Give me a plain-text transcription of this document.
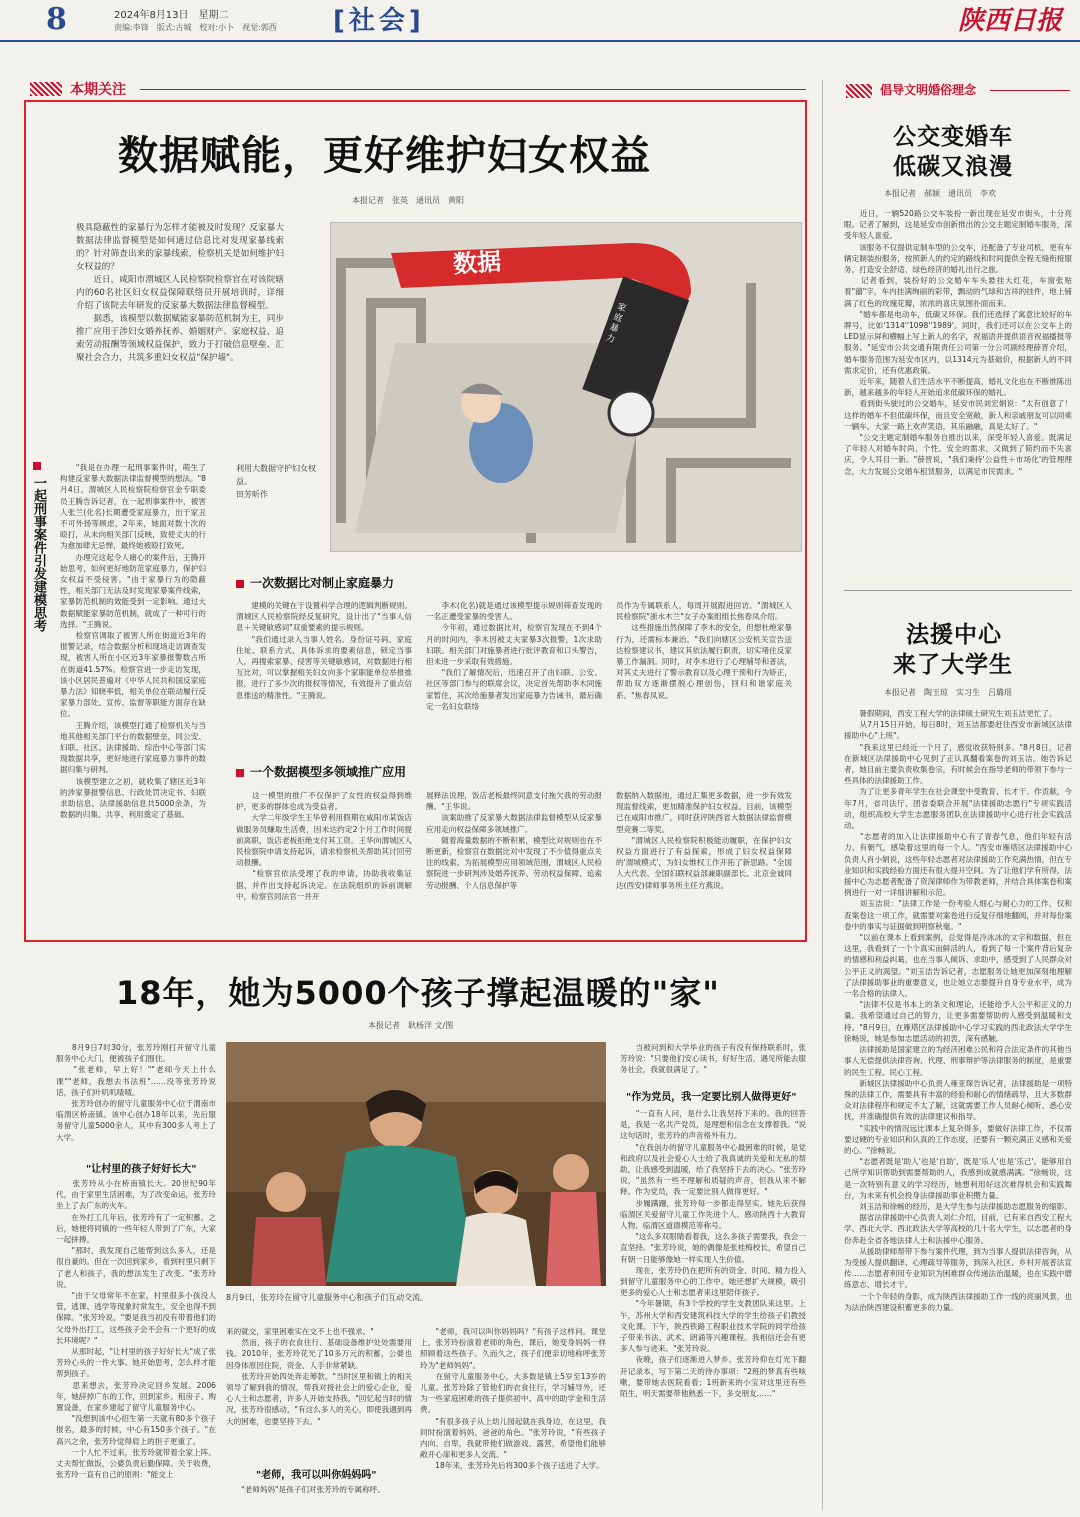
8	2024年8月13日　星期二
责编:李锋　版式:古城　校对:小卜　视觉:郭西 [社会]	陕西日报
本期关注
数据赋能，更好维护妇女权益
本报记者　张英　通讯员　黄阳
极具隐蔽性的家暴行为怎样才能被及时发现？反家暴大数据法律监督模型是如何通过信息比对发现家暴线索的？针对筛查出来的家暴线索，检察机关是如何维护妇女权益的？
　　近日，咸阳市渭城区人民检察院检察官在对该院辖内的60名社区妇女权益保障联络员开展培训时，详细介绍了该院去年研发的反家暴大数据法律监督模型。
　　据悉，该模型以数据赋能家暴防范机制为主，同步推广应用于涉妇女婚养抚养、婚姻财产、家庭权益、追索劳动报酬等领域权益保护，致力于打破信息壁垒、汇聚社会合力，共筑多重妇女权益"保护墙"。
数据
家庭暴力
利用大数据守护妇女权益。
田芳昕作
一起刑事案件引发建模思考
　　"我是在办理一起刑事案件时，萌生了构建反家暴大数据法律监督模型的想法。"8月4日，渭城区人民检察院检察官金专职委员王腾告诉记者，在一起刑事案件中，被害人张兰(化名)长期遭受家庭暴力，出于家丑不可外扬等顾虑，2年来，她面对数十次的殴打，从未向相关部门反映，致使丈夫的行为愈加肆无忌惮，最终她被殴打致死。
　　办理完这起令人痛心的案件后，王腾开始思考，如何更好地防范家庭暴力，保护妇女权益不受侵害。"由于家暴行为的隐蔽性，相关部门无法及时发现家暴案件线索，家暴防范机制的效能受到一定影响。通过大数据赋能家暴防范机制，就成了一种可行的选择。"王腾说。
　　检察官调取了被害人所在街道近3年的报警记录，结合数据分析和现场走访调查发现，被害人所在小区近3年家暴报警数占所在街道41.57%。检察官进一步走访发现，该小区居民普遍对《中华人民共和国反家庭暴力法》知晓率低，相关单位在联动履行反家暴力部处、宣传、监督等职能方面存在缺位。
　　王腾介绍，该模型打通了检察机关与当地其他相关部门平台的数据壁垒，同公安、妇联、社区、法律援助、综治中心等部门实现数据共享，更好地进行家庭暴力事件的数据归集与研判。
　　该模型建立之初，就收集了辖区近3年的涉家暴报警信息、行政处罚决定书、妇联求助信息、法律援助信息共5000余条，为数据的归集、共享、利用奠定了基础。
一次数据比对制止家庭暴力
　　建模的关键在于设置科学合理的逻辑判断规则。渭城区人民检察院经反复研究，设计出了"当事人信息＋关键敏感词"双重要素的提示规则。
　　"我们通过录入当事人姓名、身份证号码、家庭住址、联系方式、具体诉求的要素信息，锁定当事人，再搜索家暴、侵害等关键敏感词，对数据进行相互比对，可以掌握相关妇女向多个家职能单位举报推报，进行了多少次的报权等情况，有效提升了重点信息推送的精准性。"王腾说。
　　李木(化名)就是通过该模型提示规则筛查发现的一名正遭受家暴的受害人。
　　今年初，通过数据比对，检察官发现在不到4个月的时间内，李木因被丈夫家暴3次报警，1次求助妇联。相关部门对施暴者进行批评教育和口头警告，但未进一步采取有效措施。
　　"我们了解情况后，迅速召开了由妇联、公安、社区等部门参与的联席会议，决定首先帮助李木同施家暂住，其次给施暴者发出家庭暴力告诫书，最后确定一名妇女联络
员作为专属联系人，每周开展跟进回访。"渭城区人民检察院"浙水木兰"女子办案组组长焦春凤介绍。
　　这些措施出然保障了李木的安全，但想杜绝家暴行为，还需标本兼治。"我们向辖区公安机关宣告送达检察建议书，建议其依法履行职责，切实堵住反家暴工作漏洞。同时，对李木进行了心理辅导和普法，对其丈夫进行了警示教育以及心理干预和行为矫正，帮助双方逐渐摆脱心理创伤，回归和谐家庭关系。"焦春凤说。
一个数据模型多领域推广应用
　　这一模型的推广不仅保护了女性的权益得到维护，更多的群体也成为受益者。
　　大学二年级学生王华曾利用假期在咸阳市某饭店做服务员赚取生活费，因未达约定2个月工作时间提前离职，饭店老板拒绝支付其工资。王华向渭城区人民检察院申请支持起诉，请求检察机关帮助其讨回劳动报酬。
　　"检察官依法受理了我的申请，协助我收集证据，并作出支持起诉决定。在法院组织的诉前调解中，检察官同法官一并开
展释法说理，饭店老板最终同意支付拖欠我的劳动报酬。"王华说。
　　该案助推了反家暴大数据法律监督模型从反家暴应用走向权益保障多领域推广。
　　随着海量数据的不断积累，模型比对规则也在不断更新，检察官在数据比对中发现了不少值得重点关注的线索。为拓展模型应用领域范围，渭城区人民检察院进一步研判涉及婚养抚养、劳动权益保障、追索劳动报酬、个人信息保护等
数据纳入数据池，通过汇集更多数据，进一步有效发现监督线索，更加精准保护妇女权益。目前，该模型已在咸阳市推广，同时获评陕西省大数据法律监督模型竞赛二等奖。
　　"渭城区人民检察院积极能动履职，在保护妇女权益方面进行了有益探索，形成了妇女权益保障的'渭城模式'，为妇女维权工作开拓了新思路。"全国人大代表、全国妇联权益部兼职副部长、北京金诚同达(西安)律师事务所主任方燕说。
18年，她为5000个孩子撑起温暖的"家"
本报记者　耿杨洋 文/图
　　8月9日7时30分，张芳玲刚打开留守儿童服务中心大门，便被孩子们围住。
　　"张老师，早上好！""老师今天上什么课""老师，我想去书法班"……没等张芳玲说话，孩子们叶叽叽喳喳。
　　张芳玲创办的留守儿童服务中心位于渭南市临渭区桥南镇。该中心创办18年以来，先后服务留守儿童5000余人，其中有300多人考上了大学。
"让村里的孩子好好长大"
　　张芳玲从小在桥南镇长大。20世纪90年代，由于家里生活困难，为了改变命运，张芳玲坐上了去广东的火车。
　　在外打工几年后，张芳玲有了一定积蓄。之后，她便将同镇的一些年轻人带到了广东，大家一起拼搏。
　　"那时，我发现自己能帮到这么多人，还是很自豪的。但在一次回到家乡，看到村里只剩下了老人和孩子，我的想法发生了改变。"张芳玲说。
　　"由于父母常年不在家，村里很多小孩没人管，逃课、逃学等现象时常发生，安全也得不到保障。"张芳玲说，"要是我当初没有带着他们的父母外出打工，这些孩子会不会有一个更好的成长环境呢？"
　　从那时起，"让村里的孩子好好长大"成了张芳玲心头的一件大事。她开始思考，怎么样才能帮到孩子。
　　思来想去，张芳玲决定回乡发展。2006年，她辞掉广东的工作，回到家乡。租房子、购置设备，在家乡建起了留守儿童服务中心。
　　"没想到该中心招生第一天就有80多个孩子报名，最多的时候，中心有150多个孩子。"在高兴之余，张芳玲觉得肩上的担子更重了。
　　一个人忙不过来，张芳玲就带着全家上阵。丈夫帮忙做饭，公婆负责后勤保障。关于收费，张芳玲一直有自己的原则："能交上
8月9日，张芳玲在留守儿童服务中心和孩子们互动交流。
来的就交，家里困难实在交不上也不强求。"
　　然而，孩子的衣食住行、基础设备维护处处需要用钱。2010年，张芳玲花光了10多万元的积蓄，公婆也因身体原因住院，资金、人手非常紧缺。
　　张芳玲开始四处奔走筹款。"当时区里和镇上的相关领导了解到我的情况，帮我对接社会上的爱心企业，爱心人士和志愿者，许多人开始支持我。"回忆起当时的情况，张芳玲很感动，"有这么多人的关心，即使我遇到再大的困难，也要坚持下去。"
"老师，我可以叫你妈妈吗"
　　"老师妈妈"是孩子们对张芳玲的专属称呼。
　　"老师，我可以叫你妈妈吗？"有孩子这样问。课堂上，张芳玲扮演着老师的角色，课后，她变身妈妈一样照顾着这些孩子。久而久之，孩子们便亲切地称呼张芳玲为"老师妈妈"。
　　在留守儿童服务中心，大多数是镇上5岁至13岁的儿童。张芳玲除了管他们的衣食住行，学习辅导外，还为一些家庭困难的孩子提供初中、高中的助学金和生活费。
　　"有很多孩子从上幼儿园起就在我身边，在这里，我同时扮演着妈妈、爸爸的角色。"张芳玲说，"有些孩子内向、自卑，我就带他们做游戏、露营，希望他们能够敞开心扉和更多人交流。"
　　18年来，张芳玲先后将300多个孩子送进了大学。
　　当被问到和大学毕业的孩子有没有保持联系时，张芳玲说："只要他们安心读书，好好生活，遇见所能去服务社会，我就很满足了。"
"作为党员，我一定要比别人做得更好"
　　"一直有人问，是什么让我坚持下来的。我的回答是，我是一名共产党员，是理想和信念在支撑着我。"说这句话时，张芳玲的声音格外有力。
　　"在我创办的留守儿童服务中心最困难的时候，是党和政府以及社会爱心人士给了我真诚的关爱和无私的帮助，让我感受到温暖，给了我坚持下去的决心。"张芳玲说，"虽然有一些不理解和质疑的声音，但我从来不解释。作为党员，我一定要比别人做得更好。"
　　步履蹒跚，张芳玲每一步都走得坚实。她先后获得临渭区关爱留守儿童工作先进个人、感动陕西十大教育人物、临渭区道德模范等称号。
　　"这么多双眼睛看着我，这么多孩子需要我，我会一直坚持。"张芳玲说，她的偶像是张桂梅校长，希望自己有朝一日能够像她一样实现人生价值。
　　现在，张芳玲仍在把所有的资金、时间、精力投入到留守儿童服务中心的工作中。她还想扩大规模，吸引更多的爱心人士和志愿者来这里陪伴孩子。
　　"今年暑期，有3个学校的学生支教团队来这里。上午，苏州大学和西安建筑科技大学的学生给孩子们教授文化课。下午，陕西铁路工程职业技术学院的同学给孩子带来书法、武术、朗诵等兴趣课程。我相信还会有更多人参与进来。"张芳玲说。
　　夜晚，孩子们逐渐进入梦乡。张芳玲仰在灯光下翻开记录本，写下第二天的待办事项："2班的梦真有些咳嗽，要带她去医院看看；1班新来的小宝对这里还有些陌生，明天需要带他熟悉一下，多交朋友……"
倡导文明婚俗理念
公交变婚车
低碳又浪漫
本报记者　郝颖　通讯员　李欢
　　近日，一辆520路公交车装扮一新出现在延安市街头，十分亮眼。记者了解到，这是延安市创新推出的公交主题定制婚车服务，深受年轻人喜爱。
　　该服务不仅提供定制车型的公交车，还配备了专业司机，更有车辆定制装扮服务，按照新人的约定的路线和时间提供全程无缝衔接服务，打造安全舒适、绿色经济的婚礼出行之旅。
　　记者看到，装扮好的公交婚车车头悬挂大红花，车窗张贴着"囍"字，车内挂满绚丽的彩带，飘动的气球和吉祥的挂件，地上铺满了红色的玫瑰花瓣，浓浓的喜庆氛围扑面而来。
　　"婚车都是电动车，低碳又环保。我们还选择了寓意比较好的车牌号，比如'1314''1098''1989'。同时，我们还可以在公交车上的LED显示屏和横幅上写上新人的名字，祝福语并提供语音祝福播报等服务。"延安市公共交通有限责任公司第一分公司副经理薛晋介绍，婚车服务范围为延安市区内，以1314元为基础价，根据新人的不同需求定价，还有优惠政策。
　　近年来，随着人们生活水平不断提高，婚礼文化也在不断推陈出新，越来越多的年轻人开始追求低碳环保的婚礼。
　　看到街头驶过的公交婚车，延安市民刘宏娟说："太有创意了！这样的婚车不但低碳环保，而且安全宽敞，新人和亲戚朋友可以同乘一辆车。大家一路上欢声笑语，其乐融融，真是太好了。"
　　"公交主题定制婚车服务自推出以来，深受年轻人喜爱。既满足了年轻人对婚车时尚、个性、安全的需求，又做到了简约而不失喜庆，令人耳目一新。"薛晋说，"我们秉持'公益性＋市场化'的管理理念，大力发展公交婚车租赁服务，以满足市民需求。"
法援中心
来了大学生
本报记者　陶玉琼　实习生　吕璐瑶
　　暑假期间，西安工程大学的法律硕士研究生刘玉洁更忙了。
　　从7月15日开始，每日8时，刘玉洁都要赶往西安市新城区法律援助中心"上班"。
　　"我来这里已经近一个月了，感觉收获特别多。"8月8日，记者在新城区法律援助中心见到了正认真翻看案卷的刘玉洁。她告诉记者，她目前主要负责收集卷宗，有时候会在指导老师的带领下参与一些具体的法律援助工作。
　　为了让更多青年学生在社会课堂中受教育、长才干、作贡献，今年7月，省司法厅、团省委联合开展"法律援助志愿行"专项实践活动，组织高校大学生志愿服务团队在法律援助中心进行社会实践活动。
　　"志愿者的加入让法律援助中心有了青春气息，他们年轻有活力、有朝气，感染着这里的每一个人。"西安市雁塔区法律援助中心负责人肖小娟说，这些年轻志愿者对法律援助工作充满热情，但在专业知识和实践经验方面还有很大提升空间。为了让他们学有所得，法援中心为志愿者配备了资深律师作为带教老师，并结合具体案卷和案例进行一对一详细讲解和示范。
　　刘玉洁说："法律工作是一份考验人细心与耐心力的工作，仅和查案卷这一项工作，就需要对案卷进行反复仔细地翻阅，并对每份案卷中的事实与证据做到明察秋毫。"
　　"以前在课本上看到案例，总觉得是冷冰冰的文字和数据，但在这里，我看到了一个个真实而鲜活的人，看到了每一个案件背后复杂的情感和利益纠葛，也在当事人倾诉、求助中，感受到了人民群众对公平正义的渴望。"刘玉洁告诉记者，志愿服务让她更加深刻地理解了法律援助事业的重要意义，也让她立志要提升自身专业水平，成为一名合格的法律人。
　　"法律不仅是书本上的条文和理论，还能给予人公平和正义的力量。我希望通过自己的努力，让更多需要帮助的人感受到温暖和支持。"8月9日，在雁塔区法律援助中心学习实践的西北政法大学学生徐畅说，她是参加志愿活动的初衷，深有感触。
　　法律援助是国家建立的为经济困难公民和符合法定条件的其他当事人无偿提供法律咨询、代理、刑事辩护等法律服务的制度，是重要的民生工程、民心工程。
　　新城区法律援助中心负责人雍亚琛告诉记者，法律援助是一项特殊的法律工作，需要具有丰富的经验和耐心的情绪疏导，且大多数群众对法律程序和规定不太了解，这就需要工作人员耐心倾听、悉心安抚，并准确提供有效的法律建议和指导。
　　"实践中的情况远比课本上复杂得多，要做好法律工作，不仅需要过硬的专业知识和认真的工作态度，还要有一颗充满正义感和关爱的心。"徐畅说。
　　"志愿者既是'助人'也是'自助'，既是'乐人'也是'乐己'。能够用自己所学知识帮助到需要帮助的人，我感到成就感满满。"徐畅说，这是一次特别有意义的学习经历，她想利用好这次难得机会和实践舞台，为未来有机会投身法律援助事业积攒力量。
　　刘玉洁和徐畅的经历，是大学生参与法律援助志愿服务的缩影。
　　据省法律援助中心负责人刘仁介绍，目前，已有来自西安工程大学、西北大学、西北政法大学等高校的几十名大学生，以志愿者的身份奔赴全省各地法律人士和法援中心服务。
　　从援助律师帮带下参与案件代理，到为当事人提供法律咨询，从为受援人提供翻译、心理疏导等服务，到深入社区、乡村开展普法宣传……志愿者利用专业知识为困难群众传递法治温暖，也在实践中磨练意志、增长才干。
　　一个个年轻的身影，成为陕西法律援助工作一线的亮丽风景，也为法治陕西建设积蓄更多的力量。
